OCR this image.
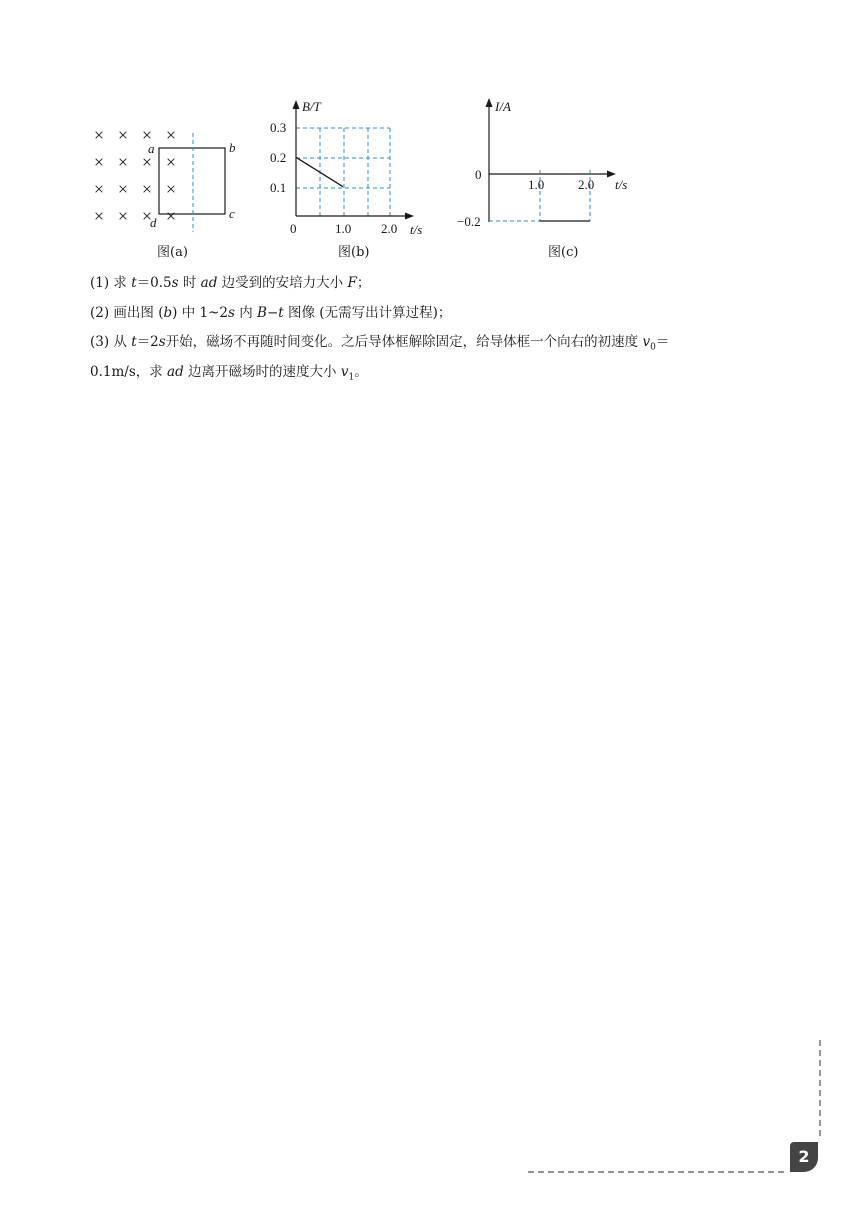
× × × ×
× × × ×
× × × ×
× × × ×
a	b
c
d
B/T
0.3
0.2
0.1
0	1.0 2.0 t/s
I/A
0
1.0	2.0 t/s
−0.2
图(a)	图(b)	图(c)
(1) 求 t＝0.5s 时 ad 边受到的安培力大小 F；
(2) 画出图 (b) 中 1~2s 内 B−t 图像 (无需写出计算过程)；
(3) 从 t＝2s开始，磁场不再随时间变化。之后导体框解除固定，给导体框一个向右的初速度 $v_0=$
0.1m/s，求 ad 边离开磁场时的速度大小 $v_1$。
2
